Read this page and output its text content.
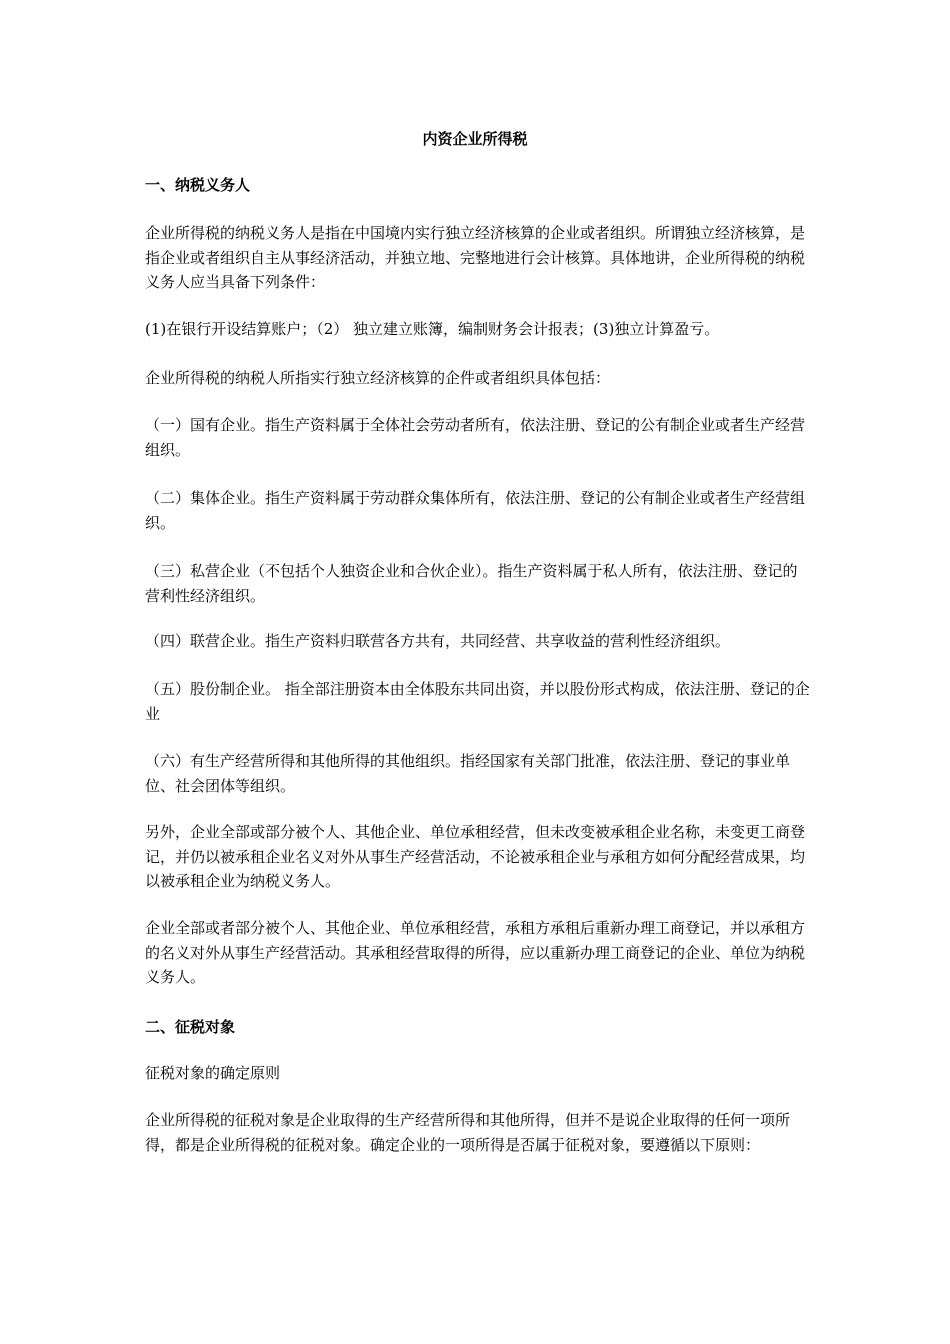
内资企业所得税

一、纳税义务人

企业所得税的纳税义务人是指在中国境内实行独立经济核算的企业或者组织。所谓独立经济核算，是指企业或者组织自主从事经济活动，并独立地、完整地进行会计核算。具体地讲，企业所得税的纳税义务人应当具备下列条件：

(1)在银行开设结算账户；（2） 独立建立账簿，编制财务会计报表；(3)独立计算盈亏。

企业所得税的纳税人所指实行独立经济核算的企件或者组织具体包括：

（一）国有企业。指生产资料属于全体社会劳动者所有，依法注册、登记的公有制企业或者生产经营组织。

（二）集体企业。指生产资料属于劳动群众集体所有，依法注册、登记的公有制企业或者生产经营组织。

（三）私营企业（不包括个人独资企业和合伙企业）。指生产资料属于私人所有，依法注册、登记的营利性经济组织。

（四）联营企业。指生产资料归联营各方共有，共同经营、共享收益的营利性经济组织。

（五）股份制企业。 指全部注册资本由全体股东共同出资，并以股份形式构成，依法注册、登记的企业

（六）有生产经营所得和其他所得的其他组织。指经国家有关部门批准，依法注册、登记的事业单位、社会团体等组织。

另外，企业全部或部分被个人、其他企业、单位承租经营，但未改变被承租企业名称，未变更工商登记，并仍以被承租企业名义对外从事生产经营活动，不论被承租企业与承租方如何分配经营成果，均以被承租企业为纳税义务人。

企业全部或者部分被个人、其他企业、单位承租经营，承租方承租后重新办理工商登记，并以承租方的名义对外从事生产经营活动。其承租经营取得的所得，应以重新办理工商登记的企业、单位为纳税义务人。

二、征税对象

征税对象的确定原则

企业所得税的征税对象是企业取得的生产经营所得和其他所得，但并不是说企业取得的任何一项所得，都是企业所得税的征税对象。确定企业的一项所得是否属于征税对象，要遵循以下原则：
